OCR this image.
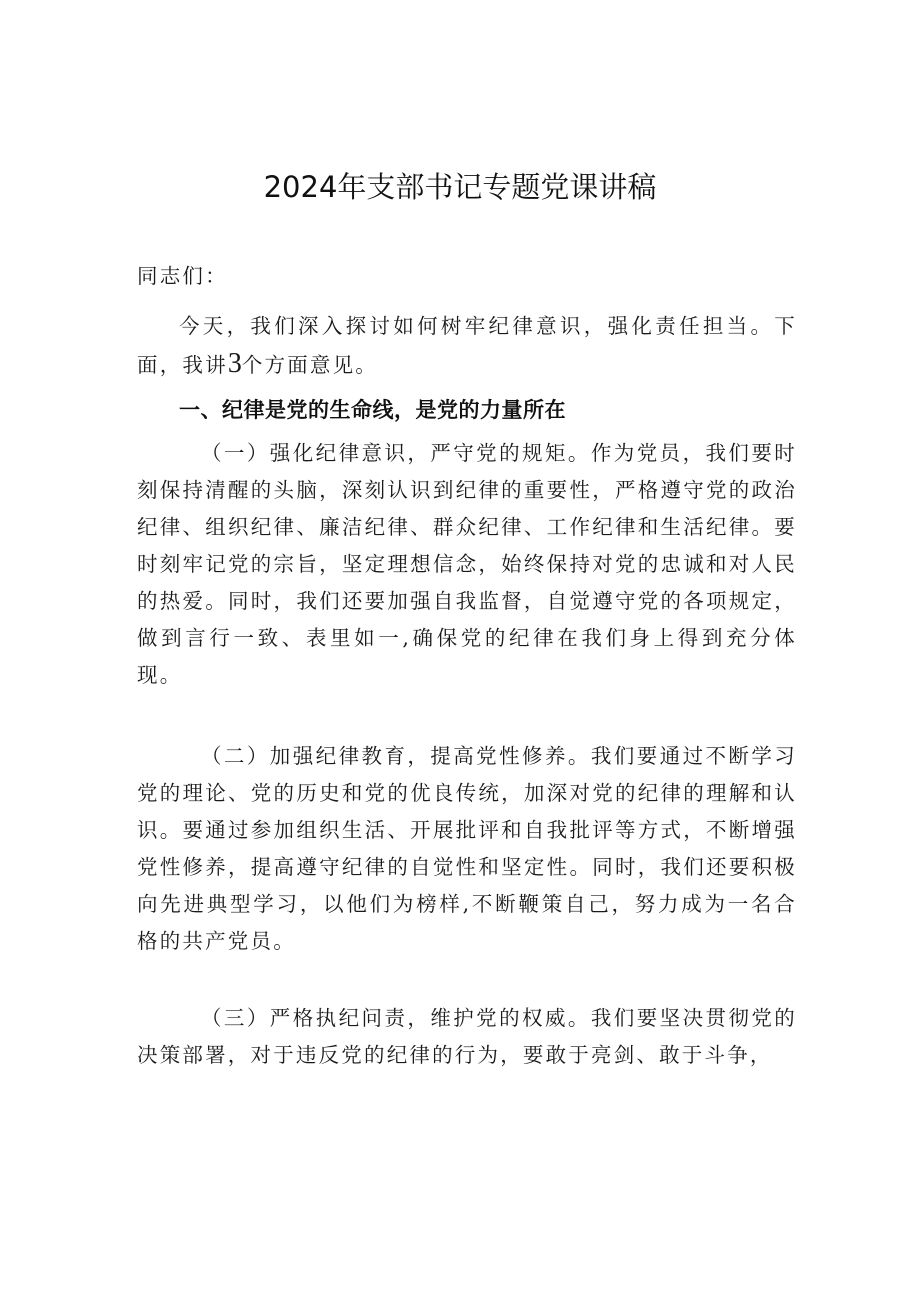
2024年支部书记专题党课讲稿
同志们：
今天，我们深入探讨如何树牢纪律意识，强化责任担当。下面，我讲3个方面意见。
一、纪律是党的生命线，是党的力量所在
（一）强化纪律意识，严守党的规矩。作为党员，我们要时刻保持清醒的头脑，深刻认识到纪律的重要性，严格遵守党的政治纪律、组织纪律、廉洁纪律、群众纪律、工作纪律和生活纪律。要时刻牢记党的宗旨，坚定理想信念，始终保持对党的忠诚和对人民的热爱。同时，我们还要加强自我监督，自觉遵守党的各项规定，做到言行一致、表里如一,确保党的纪律在我们身上得到充分体现。
（二）加强纪律教育，提高党性修养。我们要通过不断学习党的理论、党的历史和党的优良传统，加深对党的纪律的理解和认识。要通过参加组织生活、开展批评和自我批评等方式，不断增强党性修养，提高遵守纪律的自觉性和坚定性。同时，我们还要积极向先进典型学习，以他们为榜样,不断鞭策自己，努力成为一名合格的共产党员。
（三）严格执纪问责，维护党的权威。我们要坚决贯彻党的决策部署，对于违反党的纪律的行为，要敢于亮剑、敢于斗争，
